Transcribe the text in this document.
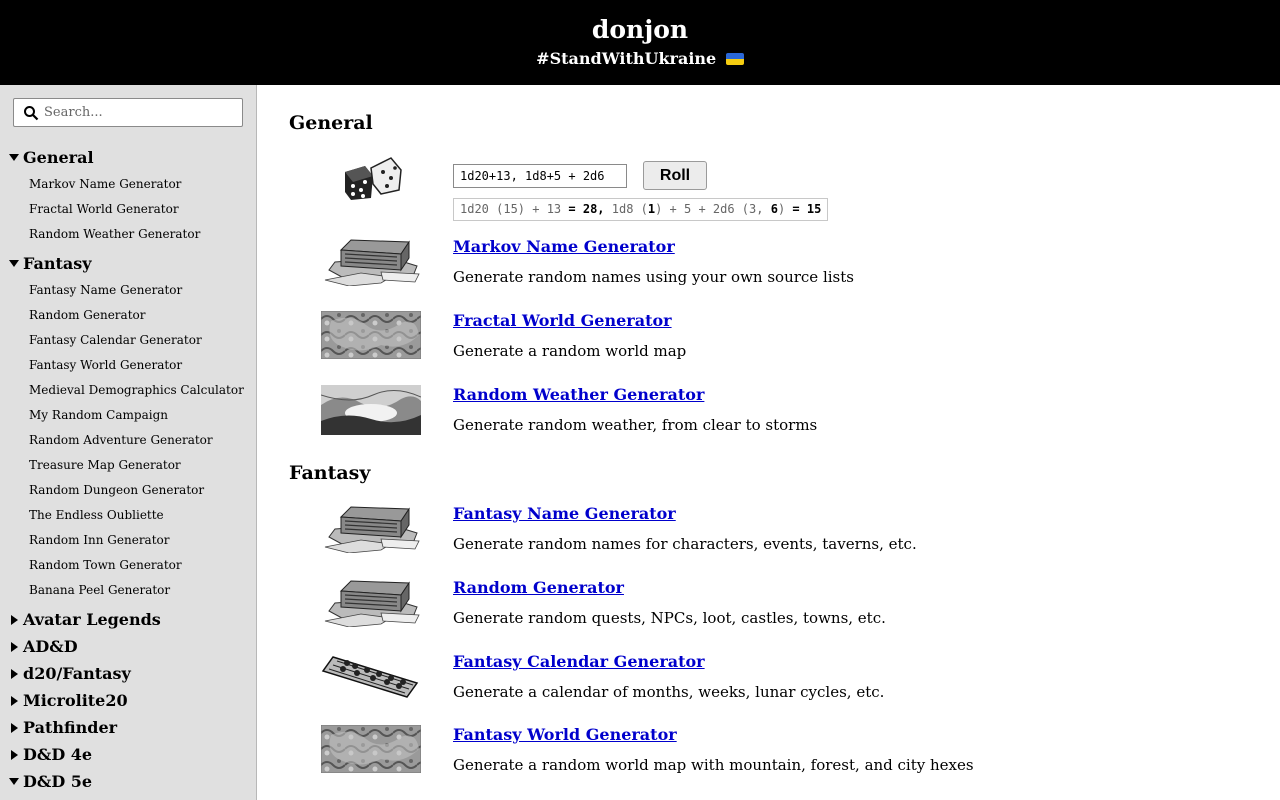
donjon
#StandWithUkraine
Search...
General
Markov Name Generator
Fractal World Generator
Random Weather Generator
Fantasy
Fantasy Name Generator
Random Generator
Fantasy Calendar Generator
Fantasy World Generator
Medieval Demographics Calculator
My Random Campaign
Random Adventure Generator
Treasure Map Generator
Random Dungeon Generator
The Endless Oubliette
Random Inn Generator
Random Town Generator
Banana Peel Generator
Avatar Legends
AD&D
d20/Fantasy
Microlite20
Pathfinder
D&D 4e
D&D 5e
General
1d20+13, 1d8+5 + 2d6
Roll
1d20 (15) + 13 = 28, 1d8 (1) + 5 + 2d6 (3, 6) = 15
Markov Name Generator
Generate random names using your own source lists
Fractal World Generator
Generate a random world map
Random Weather Generator
Generate random weather, from clear to storms
Fantasy
Fantasy Name Generator
Generate random names for characters, events, taverns, etc.
Random Generator
Generate random quests, NPCs, loot, castles, towns, etc.
Fantasy Calendar Generator
Generate a calendar of months, weeks, lunar cycles, etc.
Fantasy World Generator
Generate a random world map with mountain, forest, and city hexes
